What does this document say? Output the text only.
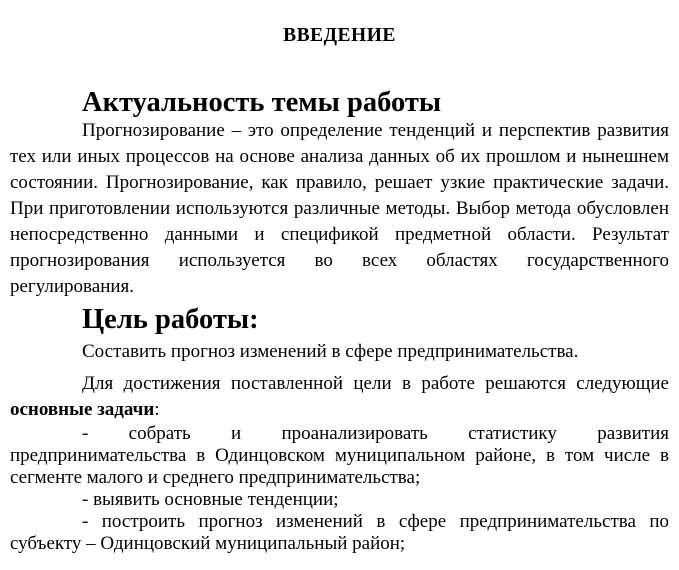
ВВЕДЕНИЕ
Актуальность темы работы

Прогнозирование – это определение тенденций и перспектив развития тех или иных процессов на основе анализа данных об их прошлом и нынешнем состоянии. Прогнозирование, как правило, решает узкие практические задачи. При приготовлении используются различные методы. Выбор метода обусловлен непосредственно данными и спецификой предметной области. Результат прогнозирования используется во всех областях государственного регулирования.

Цель работы:

Составить прогноз изменений в сфере предпринимательства.

Для достижения поставленной цели в работе решаются следующие основные задачи:

- собрать и проанализировать статистику развития предпринимательства в Одинцовском муниципальном районе, в том числе в сегменте малого и среднего предпринимательства;

- выявить основные тенденции;

- построить прогноз изменений в сфере предпринимательства по субъекту – Одинцовский муниципальный район;
